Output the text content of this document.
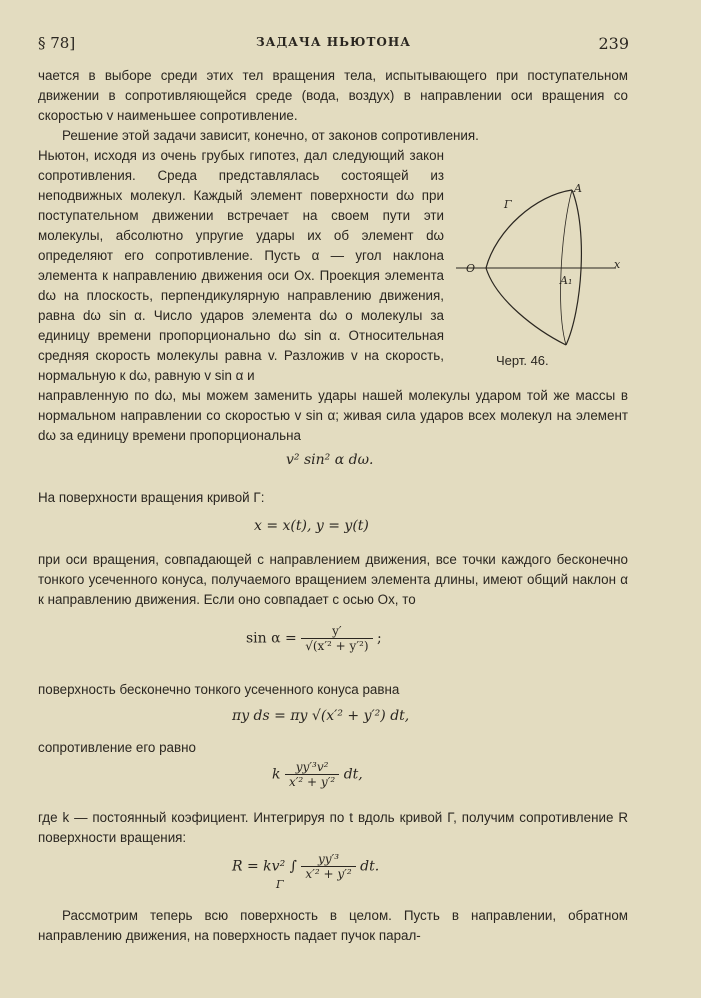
§ 78]	ЗАДАЧА НЬЮТОНА	239

чается в выборе среди этих тел вращения тела, испытывающего при поступательном движении в сопротивляющейся среде (вода, воздух) в направлении оси вращения со скоростью v наименьшее сопротивление.

Решение этой задачи зависит, конечно, от законов сопротивления.

Ньютон, исходя из очень грубых гипотез, дал следующий закон сопротивления. Среда представлялась состоящей из неподвижных молекул. Каждый элемент поверхности dω при поступательном движении встречает на своем пути эти молекулы, абсолютно упругие удары их об элемент dω определяют его сопротивление. Пусть α — угол наклона элемента к направлению движения оси Ox. Проекция элемента dω на плоскость, перпендикулярную направлению движения, равна dω sin α. Число ударов элемента dω о молекулы за единицу времени пропорционально dω sin α. Относительная средняя скорость молекулы равна v. Разложив v на скорость, нормальную к dω, равную v sin α и

направленную по dω, мы можем заменить удары нашей молекулы ударом той же массы в нормальном направлении со скоростью v sin α; живая сила ударов всех молекул на элемент dω за единицу времени пропорциональна

v² sin² α dω.

На поверхности вращения кривой Γ:

x = x(t), y = y(t)

при оси вращения, совпадающей с направлением движения, все точки каждого бесконечно тонкого усеченного конуса, получаемого вращением элемента длины, имеют общий наклон α к направлению движения. Если оно совпадает с осью Ox, то

$\sin \alpha = \frac{y'}{\text{√(x′² + y′²)}}$ ;

поверхность бесконечно тонкого усеченного конуса равна

πy ds = πy √(x′² + y′²) dt,

сопротивление его равно

k $\frac{\text{yy′³v²}}{\text{x′² + y′²}}$ dt,

где k — постоянный коэфициент. Интегрируя по t вдоль кривой Γ, получим сопротивление R поверхности вращения:

R = kv² ∫ $\frac{\text{yy′³}}{\text{x′² + y′²}}$ dt.
Γ

Рассмотрим теперь всю поверхность в целом. Пусть в направлении, обратном направлению движения, на поверхность падает пучок парал-

O	x
A
A₁
Γ
Черт. 46.
